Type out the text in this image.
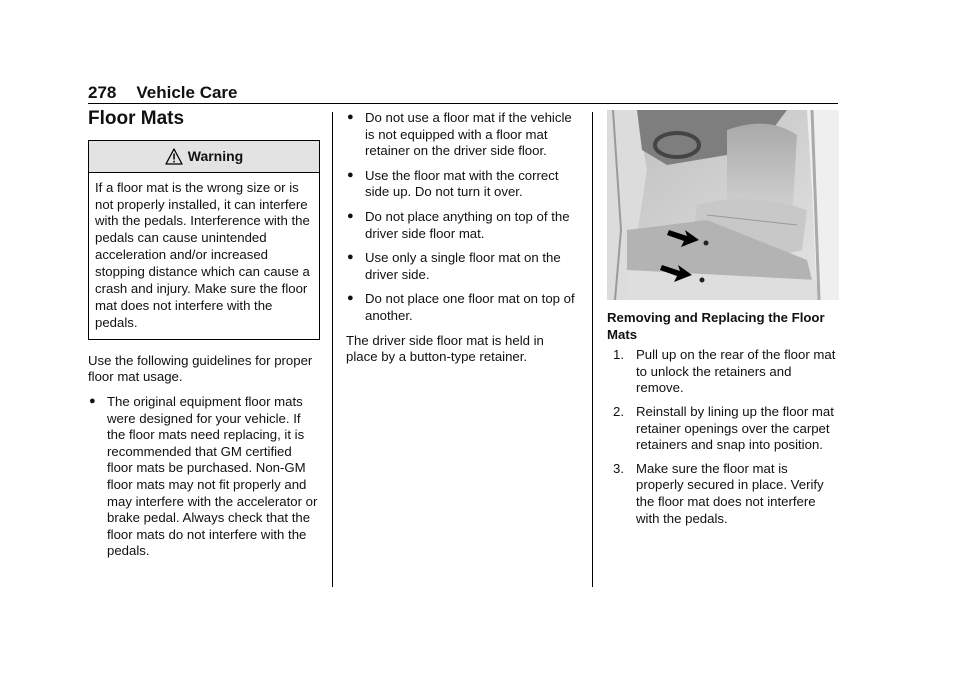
278 Vehicle Care
Floor Mats
Warning
If a floor mat is the wrong size or is not properly installed, it can interfere with the pedals. Interference with the pedals can cause unintended acceleration and/or increased stopping distance which can cause a crash and injury. Make sure the floor mat does not interfere with the pedals.

Use the following guidelines for proper floor mat usage.

● The original equipment floor mats were designed for your vehicle. If the floor mats need replacing, it is recommended that GM certified floor mats be purchased. Non-GM floor mats may not fit properly and may interfere with the accelerator or brake pedal. Always check that the floor mats do not interfere with the pedals.
● Do not use a floor mat if the vehicle is not equipped with a floor mat retainer on the driver side floor.
● Use the floor mat with the correct side up. Do not turn it over.
● Do not place anything on top of the driver side floor mat.
● Use only a single floor mat on the driver side.
● Do not place one floor mat on top of another.

The driver side floor mat is held in place by a button-type retainer.

Removing and Replacing the Floor Mats
1. Pull up on the rear of the floor mat to unlock the retainers and remove.
2. Reinstall by lining up the floor mat retainer openings over the carpet retainers and snap into position.
3. Make sure the floor mat is properly secured in place. Verify the floor mat does not interfere with the pedals.
